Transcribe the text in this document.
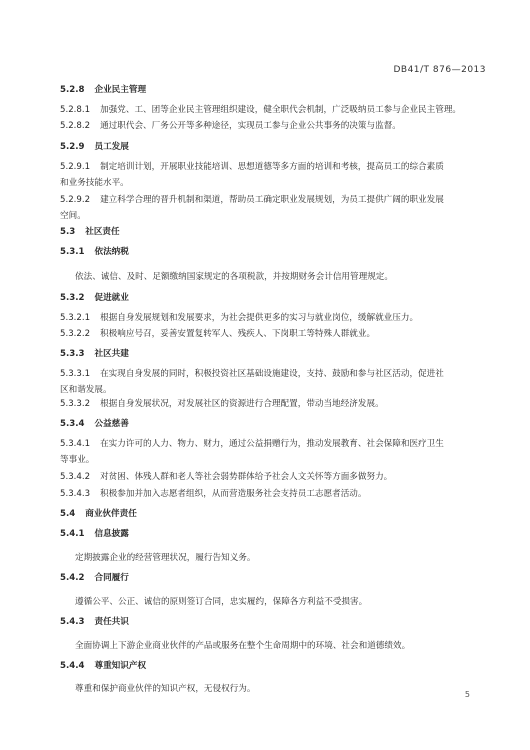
DB41/T 876—2013
5.2.8 企业民主管理
5.2.8.1 加强党、工、团等企业民主管理组织建设，健全职代会机制，广泛吸纳员工参与企业民主管理。
5.2.8.2 通过职代会、厂务公开等多种途径，实现员工参与企业公共事务的决策与监督。
5.2.9 员工发展
5.2.9.1 制定培训计划，开展职业技能培训、思想道德等多方面的培训和考核，提高员工的综合素质
和业务技能水平。
5.2.9.2 建立科学合理的晋升机制和渠道，帮助员工确定职业发展规划，为员工提供广阔的职业发展
空间。
5.3 社区责任
5.3.1 依法纳税
依法、诚信、及时、足额缴纳国家规定的各项税款，并按期财务会计信用管理规定。
5.3.2 促进就业
5.3.2.1 根据自身发展规划和发展要求，为社会提供更多的实习与就业岗位，缓解就业压力。
5.3.2.2 积极响应号召，妥善安置复转军人、残疾人、下岗职工等特殊人群就业。
5.3.3 社区共建
5.3.3.1 在实现自身发展的同时，积极投资社区基础设施建设，支持、鼓励和参与社区活动，促进社
区和谐发展。
5.3.3.2 根据自身发展状况，对发展社区的资源进行合理配置，带动当地经济发展。
5.3.4 公益慈善
5.3.4.1 在实力许可的人力、物力、财力，通过公益捐赠行为，推动发展教育、社会保障和医疗卫生
等事业。
5.3.4.2 对贫困、体残人群和老人等社会弱势群体给予社会人文关怀等方面多做努力。
5.3.4.3 积极参加并加入志愿者组织，从而营造服务社会支持员工志愿者活动。
5.4 商业伙伴责任
5.4.1 信息披露
定期披露企业的经营管理状况，履行告知义务。
5.4.2 合同履行
遵循公平、公正、诚信的原则签订合同，忠实履约，保障各方利益不受损害。
5.4.3 责任共识
全面协调上下游企业商业伙伴的产品或服务在整个生命周期中的环境、社会和道德绩效。
5.4.4 尊重知识产权
尊重和保护商业伙伴的知识产权，无侵权行为。
5
